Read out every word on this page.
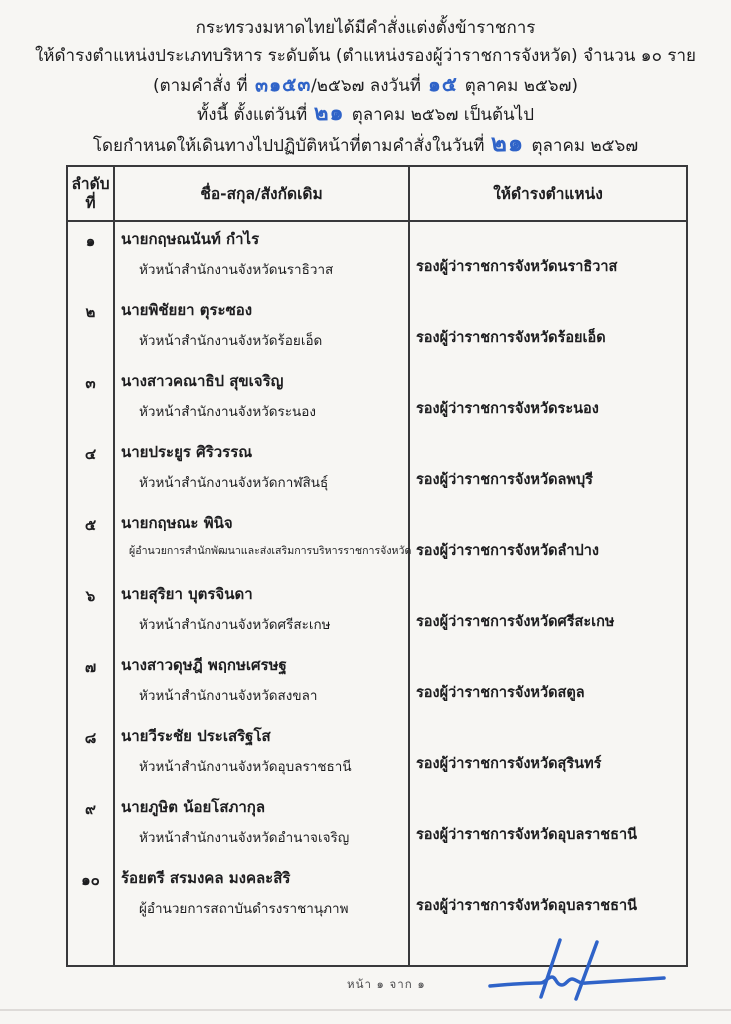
กระทรวงมหาดไทยได้มีคำสั่งแต่งตั้งข้าราชการ
ให้ดำรงตำแหน่งประเภทบริหาร ระดับต้น (ตำแหน่งรองผู้ว่าราชการจังหวัด) จำนวน ๑๐ ราย
(ตามคำสั่ง ที่ ๓๑๕๓/๒๕๖๗ ลงวันที่ ๑๕ ตุลาคม ๒๕๖๗)
ทั้งนี้ ตั้งแต่วันที่ ๒๑ ตุลาคม ๒๕๖๗ เป็นต้นไป
โดยกำหนดให้เดินทางไปปฏิบัติหน้าที่ตามคำสั่งในวันที่ ๒๑ ตุลาคม ๒๕๖๗
ลำดับ
ที่	ชื่อ-สกุล/สังกัดเดิม	ให้ดำรงตำแหน่ง
๑
๒
๓
๔
๕
๖
๗
๘
๙
๑๐
นายกฤษณนันท์ กำไร
หัวหน้าสำนักงานจังหวัดนราธิวาส
นายพิชัยยา ตุระซอง
หัวหน้าสำนักงานจังหวัดร้อยเอ็ด
นางสาวคณาธิป สุขเจริญ
หัวหน้าสำนักงานจังหวัดระนอง
นายประยูร ศิริวรรณ
หัวหน้าสำนักงานจังหวัดกาฬสินธุ์
นายกฤษณะ พินิจ
ผู้อำนวยการสำนักพัฒนาและส่งเสริมการบริหารราชการจังหวัด
นายสุริยา บุตรจินดา
หัวหน้าสำนักงานจังหวัดศรีสะเกษ
นางสาวดุษฎี พฤกษเศรษฐ
หัวหน้าสำนักงานจังหวัดสงขลา
นายวีระชัย ประเสริฐโส
หัวหน้าสำนักงานจังหวัดอุบลราชธานี
นายภูษิต น้อยโสภากุล
หัวหน้าสำนักงานจังหวัดอำนาจเจริญ
ร้อยตรี สรมงคล มงคละสิริ
ผู้อำนวยการสถาบันดำรงราชานุภาพ
รองผู้ว่าราชการจังหวัดนราธิวาส
รองผู้ว่าราชการจังหวัดร้อยเอ็ด
รองผู้ว่าราชการจังหวัดระนอง
รองผู้ว่าราชการจังหวัดลพบุรี
รองผู้ว่าราชการจังหวัดลำปาง
รองผู้ว่าราชการจังหวัดศรีสะเกษ
รองผู้ว่าราชการจังหวัดสตูล
รองผู้ว่าราชการจังหวัดสุรินทร์
รองผู้ว่าราชการจังหวัดอุบลราชธานี
รองผู้ว่าราชการจังหวัดอุบลราชธานี
หน้า ๑ จาก ๑
